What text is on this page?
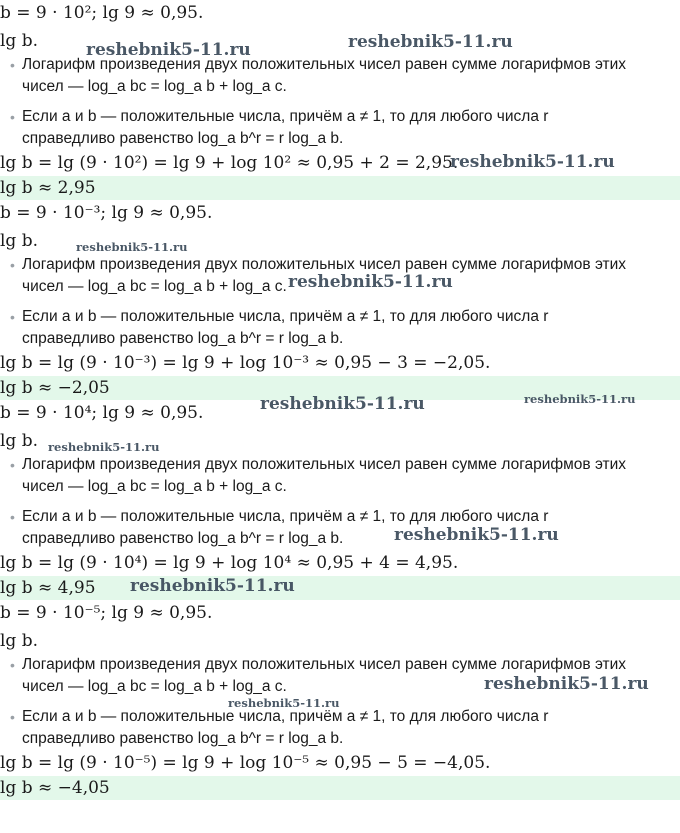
b = 9 · 10²; lg 9 ≈ 0,95.
lg b.
• Логарифм произведения двух положительных чисел равен сумме логарифмов этих
чисел — log_a bc = log_a b + log_a c.
• Если a и b — положительные числа, причём a ≠ 1, то для любого числа r
справедливо равенство log_a b^r = r log_a b.
lg b = lg (9 · 10²) = lg 9 + log 10² ≈ 0,95 + 2 = 2,95.
lg b ≈ 2,95
b = 9 · 10⁻³; lg 9 ≈ 0,95.
lg b.
• Логарифм произведения двух положительных чисел равен сумме логарифмов этих
чисел — log_a bc = log_a b + log_a c.
• Если a и b — положительные числа, причём a ≠ 1, то для любого числа r
справедливо равенство log_a b^r = r log_a b.
lg b = lg (9 · 10⁻³) = lg 9 + log 10⁻³ ≈ 0,95 − 3 = −2,05.
lg b ≈ −2,05
b = 9 · 10⁴; lg 9 ≈ 0,95.
lg b.
• Логарифм произведения двух положительных чисел равен сумме логарифмов этих
чисел — log_a bc = log_a b + log_a c.
• Если a и b — положительные числа, причём a ≠ 1, то для любого числа r
справедливо равенство log_a b^r = r log_a b.
lg b = lg (9 · 10⁴) = lg 9 + log 10⁴ ≈ 0,95 + 4 = 4,95.
lg b ≈ 4,95
b = 9 · 10⁻⁵; lg 9 ≈ 0,95.
lg b.
• Логарифм произведения двух положительных чисел равен сумме логарифмов этих
чисел — log_a bc = log_a b + log_a c.
• Если a и b — положительные числа, причём a ≠ 1, то для любого числа r
справедливо равенство log_a b^r = r log_a b.
lg b = lg (9 · 10⁻⁵) = lg 9 + log 10⁻⁵ ≈ 0,95 − 5 = −4,05.
lg b ≈ −4,05
reshebnik5-11.ru	reshebnik5-11.ru
reshebnik5-11.ru
reshebnik5-11.ru
reshebnik5-11.ru
reshebnik5-11.ru	reshebnik5-11.ru
reshebnik5-11.ru
reshebnik5-11.ru
reshebnik5-11.ru
reshebnik5-11.ru
reshebnik5-11.ru
